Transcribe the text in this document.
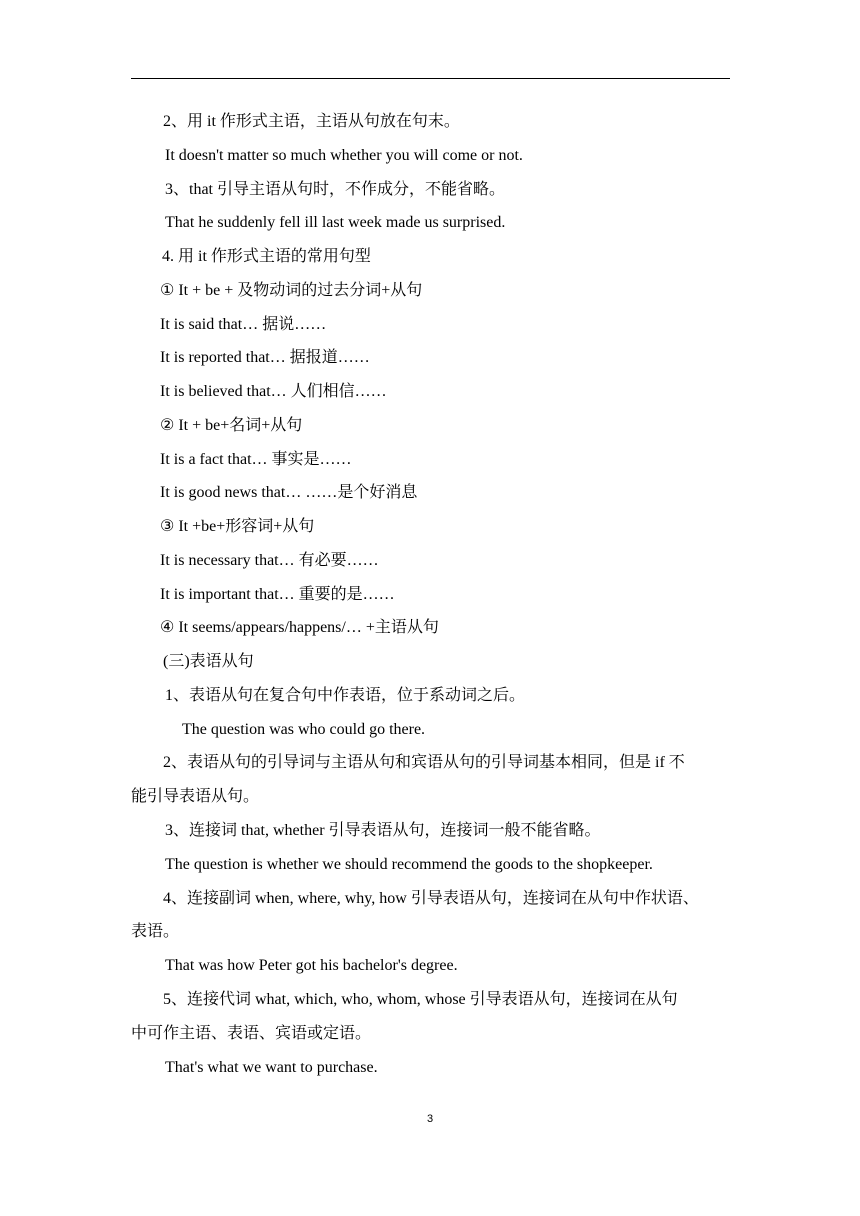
2、用 it 作形式主语，主语从句放在句末。
It doesn't matter so much whether you will come or not.
3、that 引导主语从句时，不作成分，不能省略。
That he suddenly fell ill last week made us surprised.
4. 用 it 作形式主语的常用句型
① It + be + 及物动词的过去分词+从句
It is said that… 据说……
It is reported that… 据报道……
It is believed that… 人们相信……
② It + be+名词+从句
It is a fact that… 事实是……
It is good news that… ……是个好消息
③ It +be+形容词+从句
It is necessary that… 有必要……
It is important that… 重要的是……
④ It seems/appears/happens/… +主语从句
(三)表语从句
1、表语从句在复合句中作表语，位于系动词之后。
The question was who could go there.
2、表语从句的引导词与主语从句和宾语从句的引导词基本相同，但是 if 不
能引导表语从句。
3、连接词 that, whether 引导表语从句，连接词一般不能省略。
The question is whether we should recommend the goods to the shopkeeper.
4、连接副词 when, where, why, how 引导表语从句，连接词在从句中作状语、
表语。
That was how Peter got his bachelor's degree.
5、连接代词 what, which, who, whom, whose 引导表语从句，连接词在从句
中可作主语、表语、宾语或定语。
That's what we want to purchase.
3
